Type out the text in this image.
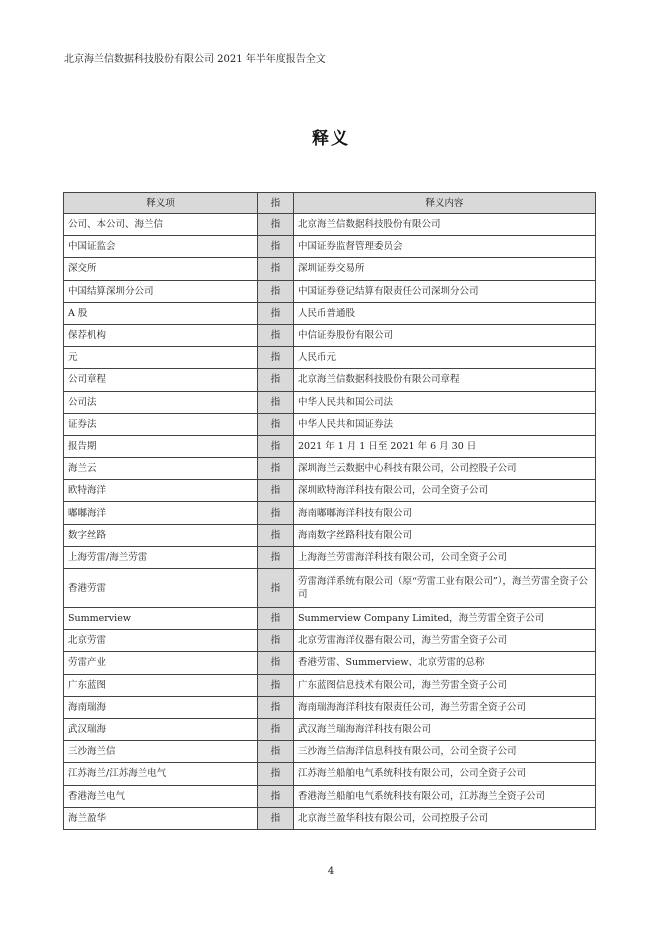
北京海兰信数据科技股份有限公司 2021 年半年度报告全文
释义
释义项	指	释义内容
公司、本公司、海兰信	指	北京海兰信数据科技股份有限公司
中国证监会	指	中国证券监督管理委员会
深交所	指	深圳证券交易所
中国结算深圳分公司	指	中国证券登记结算有限责任公司深圳分公司
A 股	指	人民币普通股
保荐机构	指	中信证券股份有限公司
元	指	人民币元
公司章程	指	北京海兰信数据科技股份有限公司章程
公司法	指	中华人民共和国公司法
证券法	指	中华人民共和国证券法
报告期	指	2021 年 1 月 1 日至 2021 年 6 月 30 日
海兰云	指	深圳海兰云数据中心科技有限公司，公司控股子公司
欧特海洋	指	深圳欧特海洋科技有限公司，公司全资子公司
嘟嘟海洋	指	海南嘟嘟海洋科技有限公司
数字丝路	指	海南数字丝路科技有限公司
上海劳雷/海兰劳雷	指	上海海兰劳雷海洋科技有限公司，公司全资子公司
香港劳雷	指	劳雷海洋系统有限公司（原“劳雷工业有限公司”），海兰劳雷全资子公司
Summerview	指	Summerview Company Limited，海兰劳雷全资子公司
北京劳雷	指	北京劳雷海洋仪器有限公司，海兰劳雷全资子公司
劳雷产业	指	香港劳雷、Summerview、北京劳雷的总称
广东蓝图	指	广东蓝图信息技术有限公司，海兰劳雷全资子公司
海南瑞海	指	海南瑞海海洋科技有限责任公司，海兰劳雷全资子公司
武汉瑞海	指	武汉海兰瑞海海洋科技有限公司
三沙海兰信	指	三沙海兰信海洋信息科技有限公司，公司全资子公司
江苏海兰/江苏海兰电气	指	江苏海兰船舶电气系统科技有限公司，公司全资子公司
香港海兰电气	指	香港海兰船舶电气系统科技有限公司，江苏海兰全资子公司
海兰盈华	指	北京海兰盈华科技有限公司，公司控股子公司
4
